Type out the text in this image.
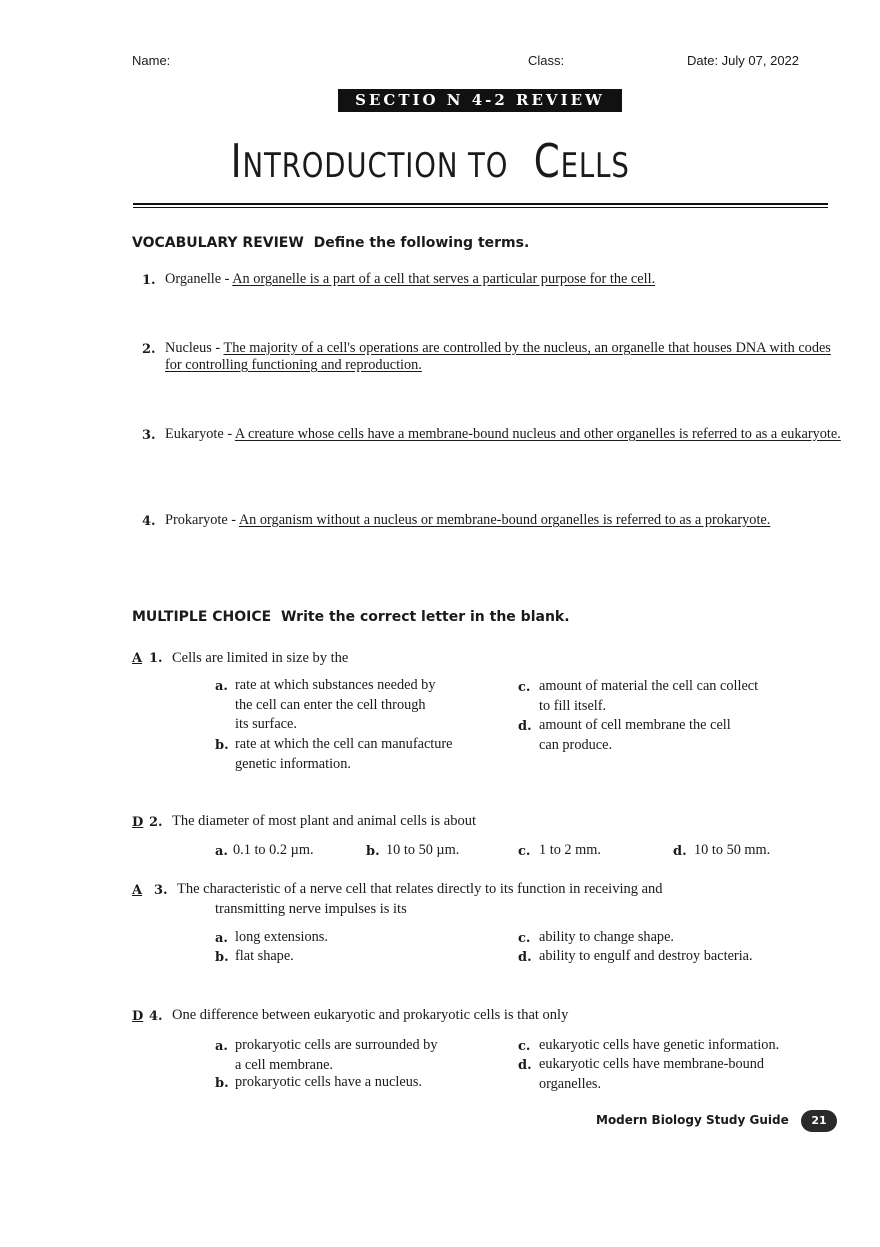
Name:	Class:	Date: July 07, 2022
SECTIO N 4-2 REVIEW
INTRODUCTION TO CELLS
VOCABULARY REVIEW Define the following terms.
1. Organelle - An organelle is a part of a cell that serves a particular purpose for the cell.
2. Nucleus - The majority of a cell's operations are controlled by the nucleus, an organelle that houses DNA with codes for controlling functioning and reproduction.
3. Eukaryote - A creature whose cells have a membrane-bound nucleus and other organelles is referred to as a eukaryote.
4. Prokaryote - An organism without a nucleus or membrane-bound organelles is referred to as a prokaryote.
MULTIPLE CHOICE Write the correct letter in the blank.
A 1. Cells are limited in size by the
a. rate at which substances needed by
the cell can enter the cell through
its surface.
b. rate at which the cell can manufacture
genetic information.
c. amount of material the cell can collect
to fill itself.
d. amount of cell membrane the cell
can produce.
D 2. The diameter of most plant and animal cells is about
a. 0.1 to 0.2 µm.	b. 10 to 50 µm.	c. 1 to 2 mm.	d. 10 to 50 mm.
A 3. The characteristic of a nerve cell that relates directly to its function in receiving and
transmitting nerve impulses is its
a. long extensions.
b. flat shape.
c. ability to change shape.
d. ability to engulf and destroy bacteria.
D 4. One difference between eukaryotic and prokaryotic cells is that only
a. prokaryotic cells are surrounded by
a cell membrane.
b. prokaryotic cells have a nucleus.
c. eukaryotic cells have genetic information.
d. eukaryotic cells have membrane-bound
organelles.
Modern Biology Study Guide	21
